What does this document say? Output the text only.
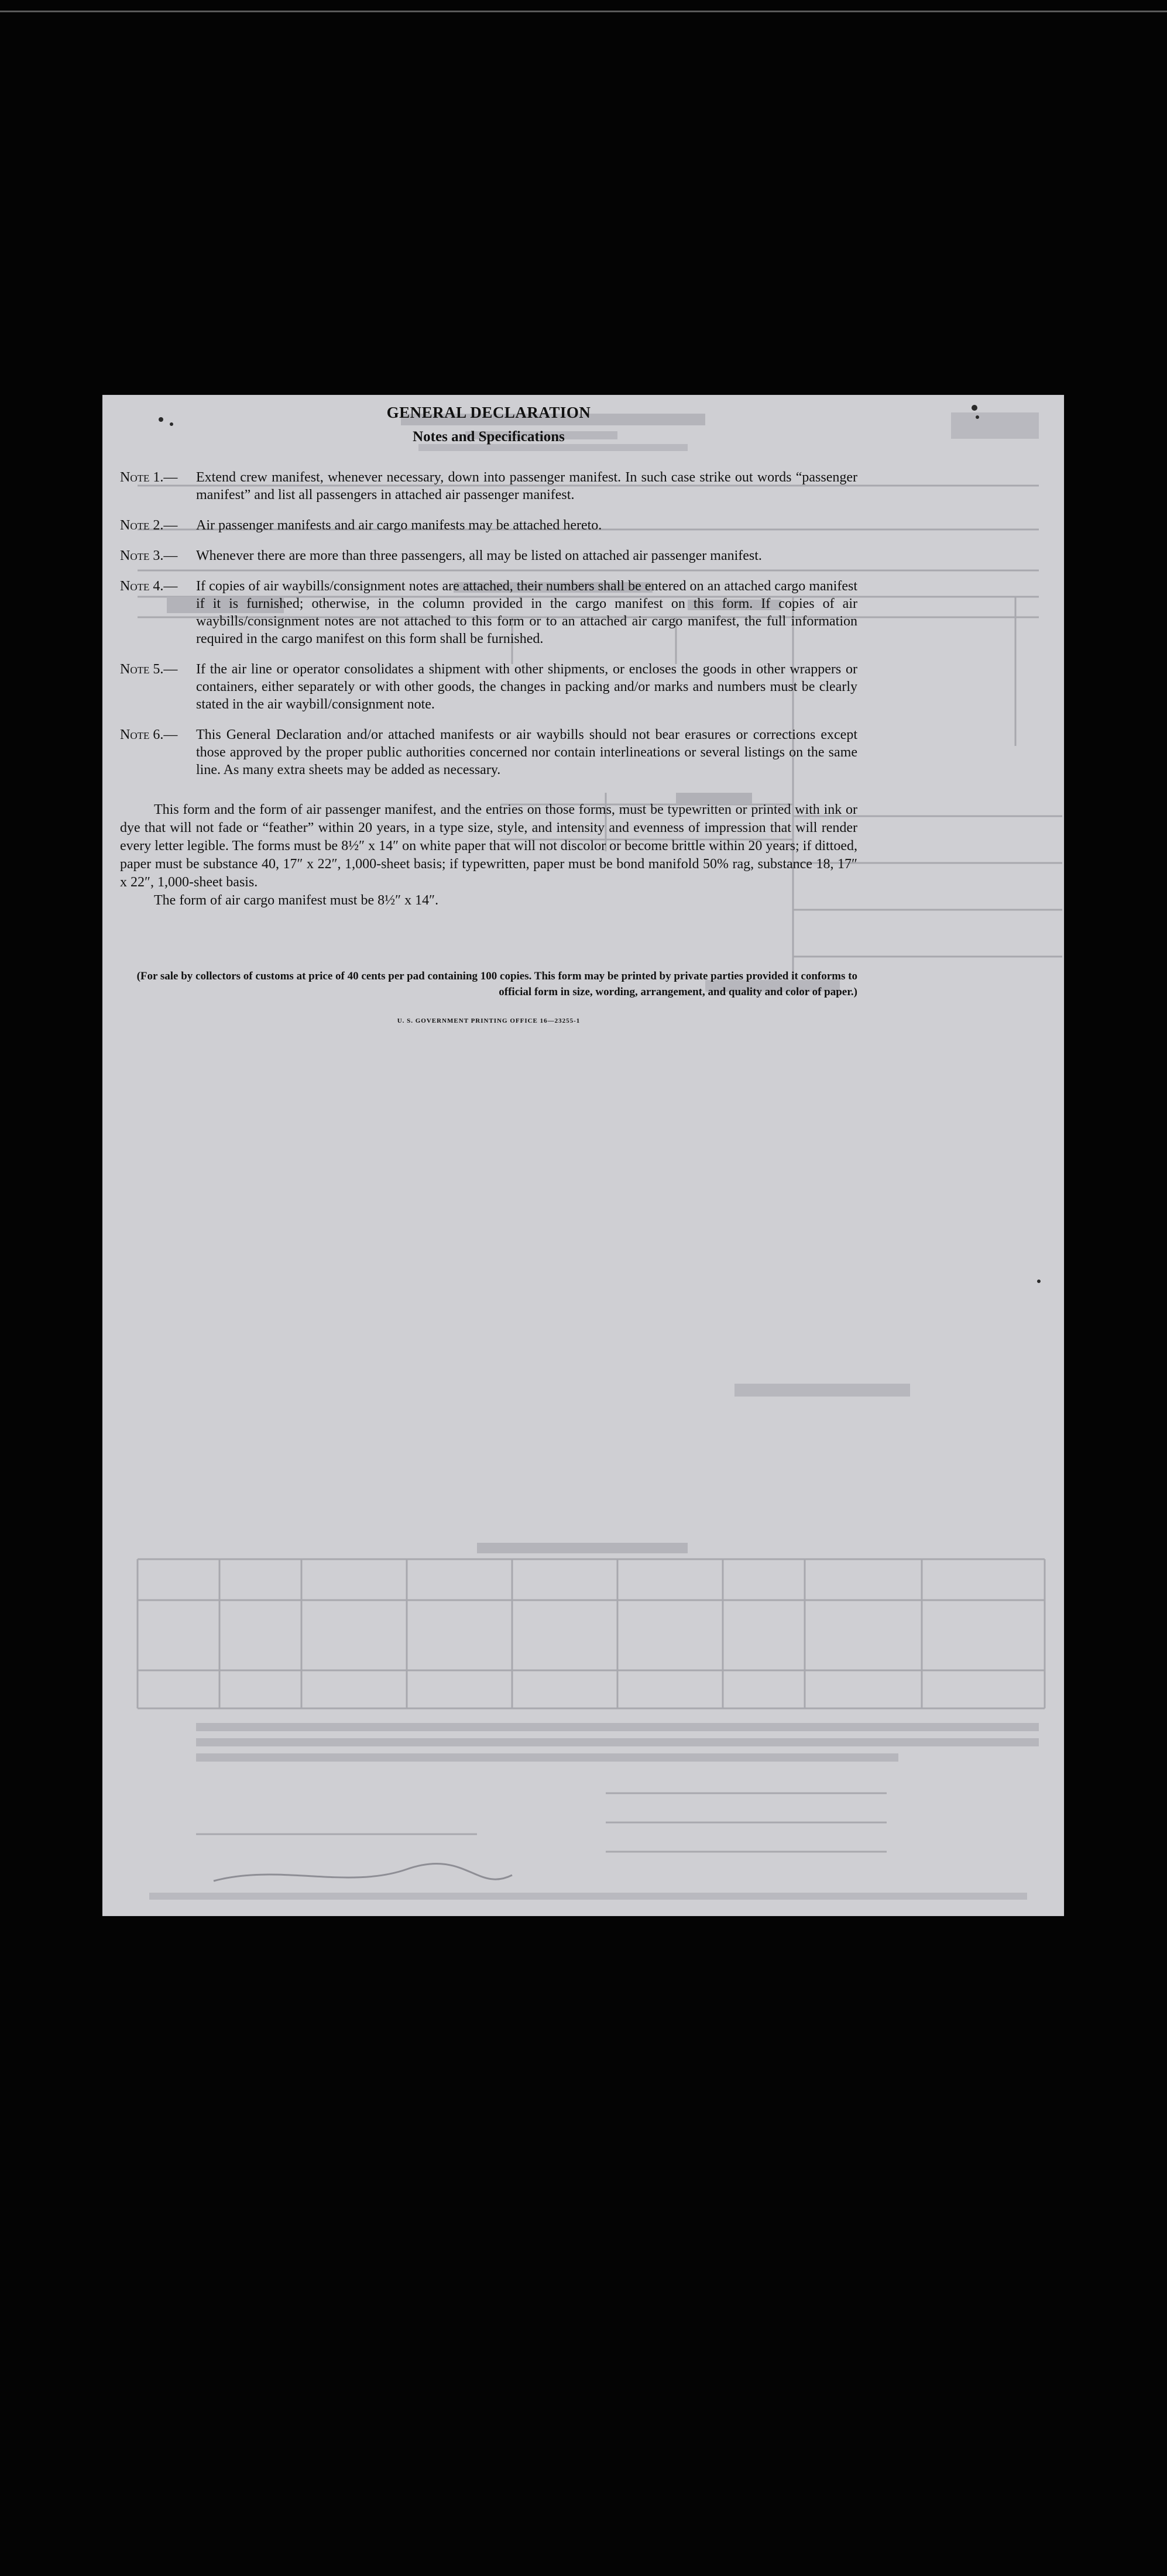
GENERAL DECLARATION
Notes and Specifications
Note 1.— Extend crew manifest, whenever necessary, down into passenger manifest. In such case strike out words “passenger manifest” and list all passengers in attached air passenger manifest.
Note 2.— Air passenger manifests and air cargo manifests may be attached hereto.
Note 3.— Whenever there are more than three passengers, all may be listed on attached air passenger manifest.
Note 4.— If copies of air waybills/consignment notes are attached, their numbers shall be entered on an attached cargo manifest if it is furnished; otherwise, in the column provided in the cargo manifest on this form. If copies of air waybills/consignment notes are not attached to this form or to an attached air cargo manifest, the full information required in the cargo manifest on this form shall be furnished.
Note 5.— If the air line or operator consolidates a shipment with other shipments, or encloses the goods in other wrappers or containers, either separately or with other goods, the changes in packing and/or marks and numbers must be clearly stated in the air waybill/consignment note.
Note 6.— This General Declaration and/or attached manifests or air waybills should not bear erasures or corrections except those approved by the proper public authorities concerned nor contain interlineations or several listings on the same line. As many extra sheets may be added as necessary.

This form and the form of air passenger manifest, and the entries on those forms, must be typewritten or printed with ink or dye that will not fade or “feather” within 20 years, in a type size, style, and intensity and evenness of impression that will render every letter legible. The forms must be 8½″ x 14″ on white paper that will not discolor or become brittle within 20 years; if dittoed, paper must be substance 40, 17″ x 22″, 1,000-sheet basis; if typewritten, paper must be bond manifold 50% rag, substance 18, 17″ x 22″, 1,000-sheet basis.

The form of air cargo manifest must be 8½″ x 14″.

(For sale by collectors of customs at price of 40 cents per pad containing 100 copies. This form may be printed by private parties provided it conforms to official form in size, wording, arrangement, and quality and color of paper.)

U. S. GOVERNMENT PRINTING OFFICE 16—23255-1
